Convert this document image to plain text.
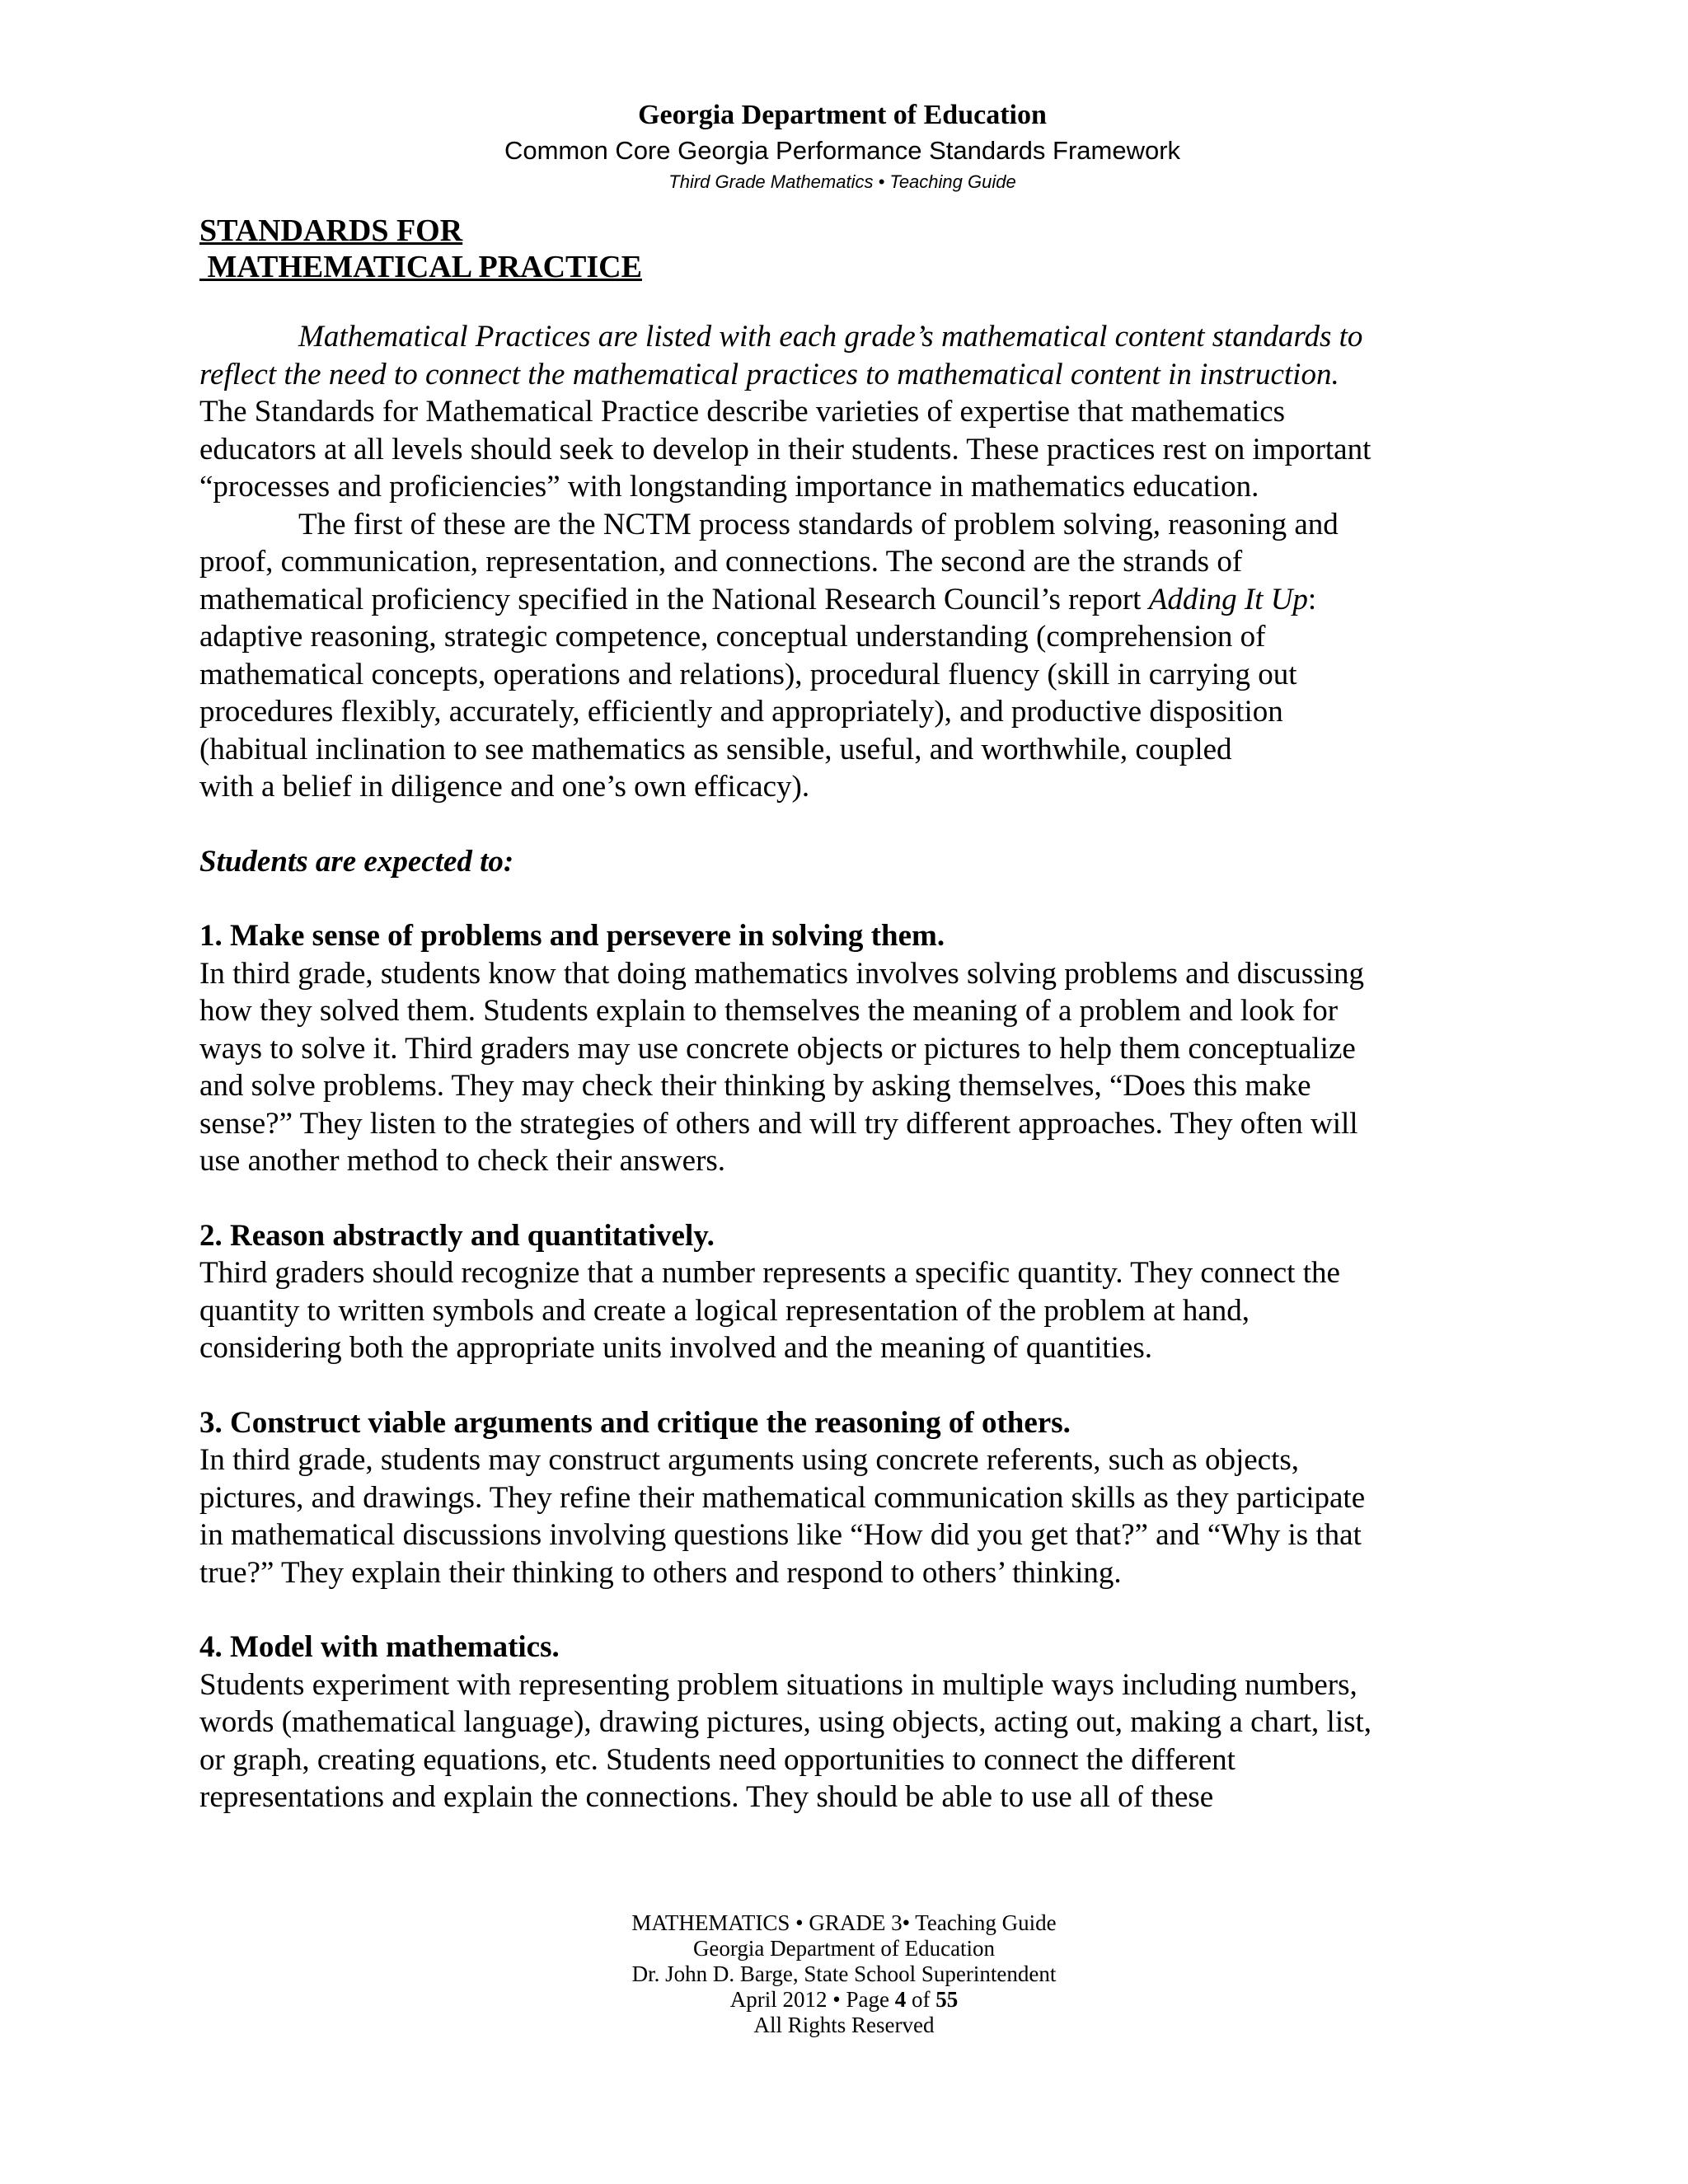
Georgia Department of Education
Common Core Georgia Performance Standards Framework
Third Grade Mathematics • Teaching Guide
STANDARDS FOR
MATHEMATICAL PRACTICE
Mathematical Practices are listed with each grade’s mathematical content standards to
reflect the need to connect the mathematical practices to mathematical content in instruction.
The Standards for Mathematical Practice describe varieties of expertise that mathematics
educators at all levels should seek to develop in their students. These practices rest on important
“processes and proficiencies” with longstanding importance in mathematics education.
The first of these are the NCTM process standards of problem solving, reasoning and
proof, communication, representation, and connections. The second are the strands of
mathematical proficiency specified in the National Research Council’s report Adding It Up:
adaptive reasoning, strategic competence, conceptual understanding (comprehension of
mathematical concepts, operations and relations), procedural fluency (skill in carrying out
procedures flexibly, accurately, efficiently and appropriately), and productive disposition
(habitual inclination to see mathematics as sensible, useful, and worthwhile, coupled
with a belief in diligence and one’s own efficacy).
Students are expected to:
1. Make sense of problems and persevere in solving them.
In third grade, students know that doing mathematics involves solving problems and discussing
how they solved them. Students explain to themselves the meaning of a problem and look for
ways to solve it. Third graders may use concrete objects or pictures to help them conceptualize
and solve problems. They may check their thinking by asking themselves, “Does this make
sense?” They listen to the strategies of others and will try different approaches. They often will
use another method to check their answers.
2. Reason abstractly and quantitatively.
Third graders should recognize that a number represents a specific quantity. They connect the
quantity to written symbols and create a logical representation of the problem at hand,
considering both the appropriate units involved and the meaning of quantities.
3. Construct viable arguments and critique the reasoning of others.
In third grade, students may construct arguments using concrete referents, such as objects,
pictures, and drawings. They refine their mathematical communication skills as they participate
in mathematical discussions involving questions like “How did you get that?” and “Why is that
true?” They explain their thinking to others and respond to others’ thinking.
4. Model with mathematics.
Students experiment with representing problem situations in multiple ways including numbers,
words (mathematical language), drawing pictures, using objects, acting out, making a chart, list,
or graph, creating equations, etc. Students need opportunities to connect the different
representations and explain the connections. They should be able to use all of these
MATHEMATICS • GRADE 3• Teaching Guide
Georgia Department of Education
Dr. John D. Barge, State School Superintendent
April 2012 • Page 4 of 55
All Rights Reserved
